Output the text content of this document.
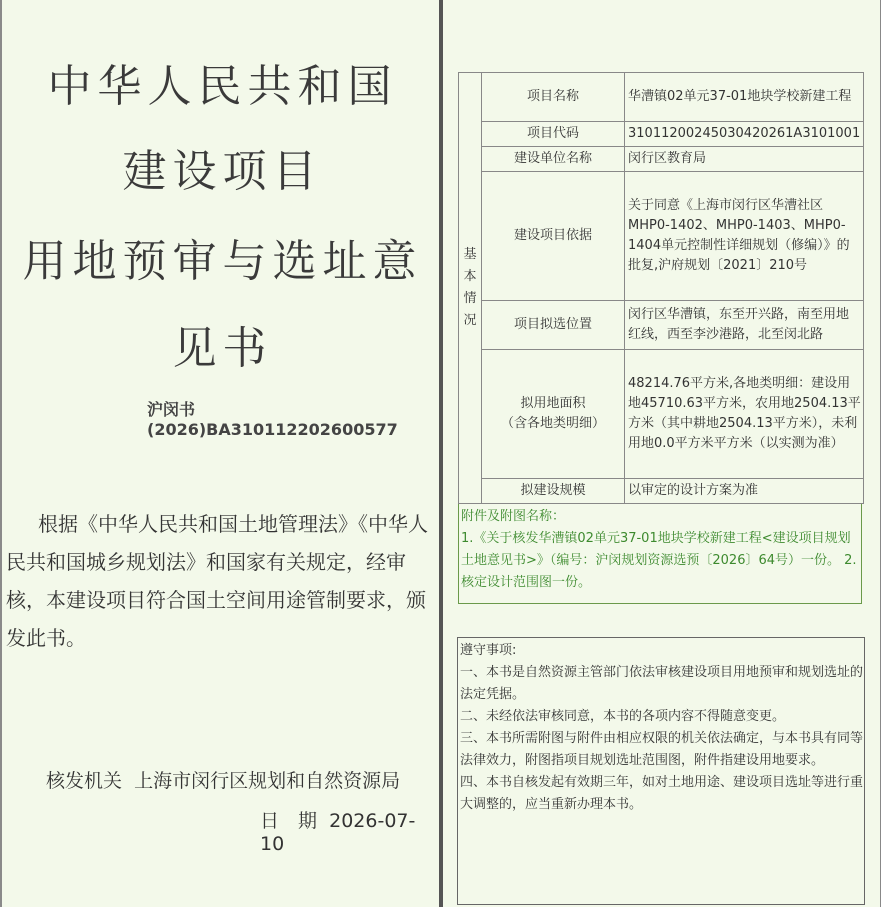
中华人民共和国
建设项目
用地预审与选址意
见书
沪闵书(2026)BA310112202600577
根据《中华人民共和国土地管理法》《中华人民共和国城乡规划法》和国家有关规定，经审核，本建设项目符合国土空间用途管制要求，颁发此书。
核发机关 上海市闵行区规划和自然资源局
日　期 2026-07-10
基
本
情
况	项目名称	华漕镇02单元37-01地块学校新建工程
	项目代码	31011200245030420261A3101001
	建设单位名称	闵行区教育局
	建设项目依据	关于同意《上海市闵行区华漕社区MHP0-1402、MHP0-1403、MHP0-1404单元控制性详细规划（修编）》的批复,沪府规划〔2021〕210号
	项目拟选位置	闵行区华漕镇，东至开兴路，南至用地红线，西至李沙港路，北至闵北路

	拟用地面积
（含各地类明细）	48214.76平方米,各地类明细：建设用地45710.63平方米，农用地2504.13平方米（其中耕地2504.13平方米），未利用地0.0平方米平方米（以实测为准）
	拟建设规模	以审定的设计方案为准
附件及附图名称：
1.《关于核发华漕镇02单元37-01地块学校新建工程<建设项目规划土地意见书>》（编号：沪闵规划资源选预〔2026〕64号）一份。 2.核定设计范围图一份。

遵守事项:

一、本书是自然资源主管部门依法审核建设项目用地预审和规划选址的法定凭据。

二、未经依法审核同意，本书的各项内容不得随意变更。

三、本书所需附图与附件由相应权限的机关依法确定，与本书具有同等法律效力，附图指项目规划选址范围图，附件指建设用地要求。

四、本书自核发起有效期三年，如对土地用途、建设项目选址等进行重大调整的，应当重新办理本书。
